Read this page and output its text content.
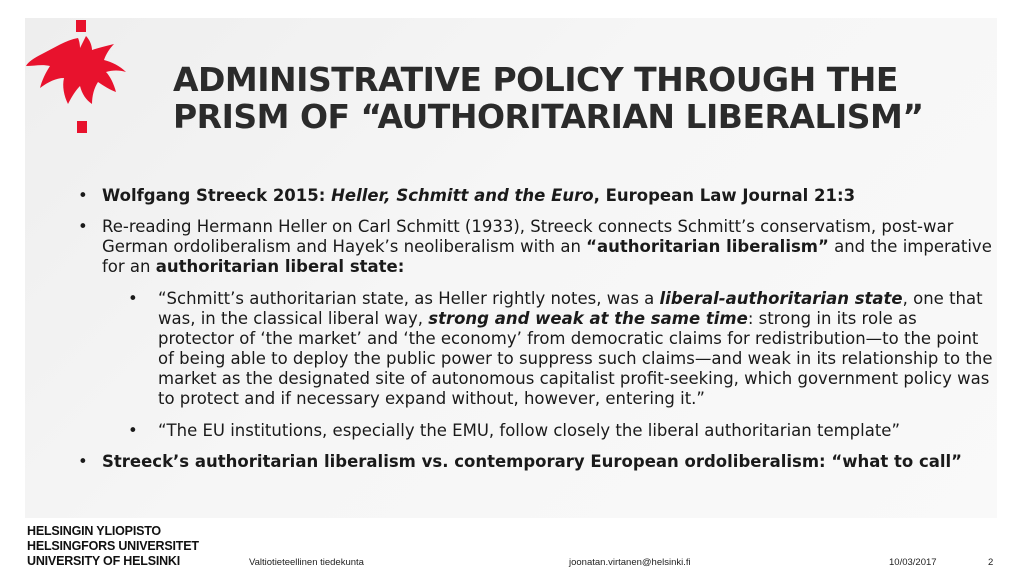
ADMINISTRATIVE POLICY THROUGH THE
PRISM OF “AUTHORITARIAN LIBERALISM”
• Wolfgang Streeck 2015: Heller, Schmitt and the Euro, European Law Journal 21:3
• Re-reading Hermann Heller on Carl Schmitt (1933), Streeck connects Schmitt’s conservatism, post-war German ordoliberalism and Hayek’s neoliberalism with an “authoritarian liberalism” and the imperative for an authoritarian liberal state:
• “Schmitt’s authoritarian state, as Heller rightly notes, was a liberal-authoritarian state, one that was, in the classical liberal way, strong and weak at the same time: strong in its role as protector of ‘the market’ and ‘the economy’ from democratic claims for redistribution—to the point of being able to deploy the public power to suppress such claims—and weak in its relationship to the market as the designated site of autonomous capitalist profit-seeking, which government policy was to protect and if necessary expand without, however, entering it.”
• “The EU institutions, especially the EMU, follow closely the liberal authoritarian template”
• Streeck’s authoritarian liberalism vs. contemporary European ordoliberalism: “what to call”
HELSINGIN YLIOPISTO
HELSINGFORS UNIVERSITET
UNIVERSITY OF HELSINKI	Valtiotieteellinen tiedekunta	joonatan.virtanen@helsinki.fi	10/03/2017	2
